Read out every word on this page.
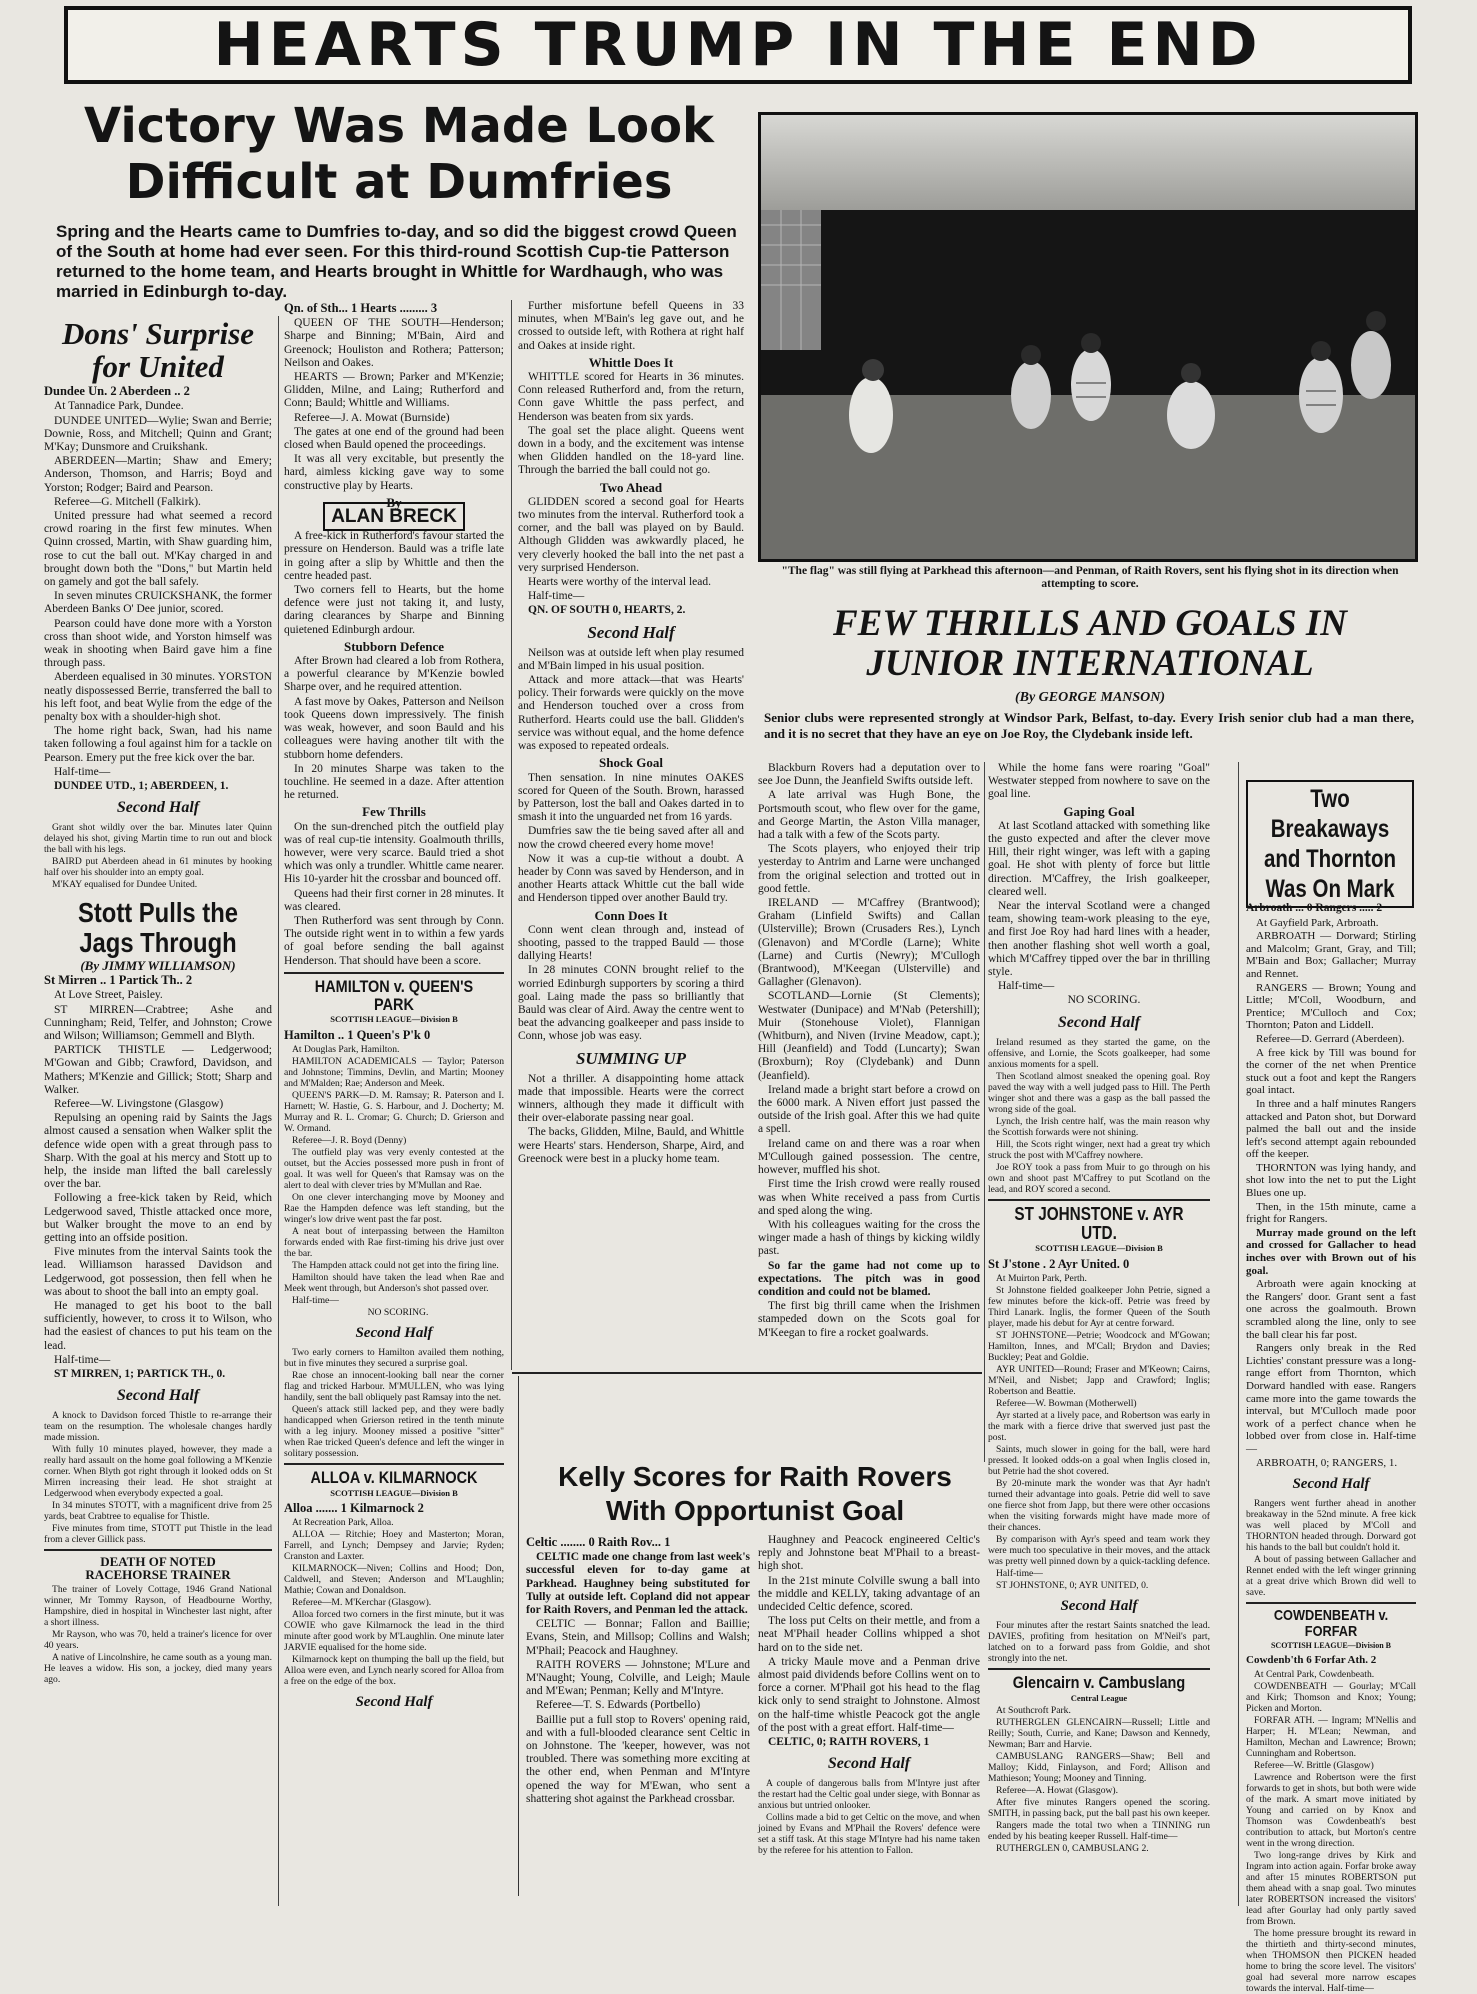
HEARTS TRUMP IN THE END
Victory Was Made Look
Difficult at Dumfries
Spring and the Hearts came to Dumfries to-day, and so did the biggest crowd Queen of the South at home had ever seen. For this third-round Scottish Cup-tie Patterson returned to the home team, and Hearts brought in Whittle for Wardhaugh, who was married in Edinburgh to-day.
Dons' Surprise
for United
Dundee Un. 2 Aberdeen .. 2

At Tannadice Park, Dundee.

DUNDEE UNITED—Wylie; Swan and Berrie; Downie, Ross, and Mitchell; Quinn and Grant; M'Kay; Dunsmore and Cruikshank.

ABERDEEN—Martin; Shaw and Emery; Anderson, Thomson, and Harris; Boyd and Yorston; Rodger; Baird and Pearson.

Referee—G. Mitchell (Falkirk).

United pressure had what seemed a record crowd roaring in the first few minutes. When Quinn crossed, Martin, with Shaw guarding him, rose to cut the ball out. M'Kay charged in and brought down both the "Dons," but Martin held on gamely and got the ball safely.

In seven minutes CRUICKSHANK, the former Aberdeen Banks O' Dee junior, scored.

Pearson could have done more with a Yorston cross than shoot wide, and Yorston himself was weak in shooting when Baird gave him a fine through pass.

Aberdeen equalised in 30 minutes. YORSTON neatly dispossessed Berrie, transferred the ball to his left foot, and beat Wylie from the edge of the penalty box with a shoulder-high shot.

The home right back, Swan, had his name taken following a foul against him for a tackle on Pearson. Emery put the free kick over the bar.

Half-time—

DUNDEE UTD., 1; ABERDEEN, 1.

Second Half

Grant shot wildly over the bar. Minutes later Quinn delayed his shot, giving Martin time to run out and block the ball with his legs.

BAIRD put Aberdeen ahead in 61 minutes by hooking half over his shoulder into an empty goal.

M'KAY equalised for Dundee United.

Stott Pulls the
Jags Through
(By JIMMY WILLIAMSON)
St Mirren .. 1 Partick Th.. 2

At Love Street, Paisley.

ST MIRREN—Crabtree; Ashe and Cunningham; Reid, Telfer, and Johnston; Crowe and Wilson; Williamson; Gemmell and Blyth.

PARTICK THISTLE — Ledgerwood; M'Gowan and Gibb; Crawford, Davidson, and Mathers; M'Kenzie and Gillick; Stott; Sharp and Walker.

Referee—W. Livingstone (Glasgow)

Repulsing an opening raid by Saints the Jags almost caused a sensation when Walker split the defence wide open with a great through pass to Sharp. With the goal at his mercy and Stott up to help, the inside man lifted the ball carelessly over the bar.

Following a free-kick taken by Reid, which Ledgerwood saved, Thistle attacked once more, but Walker brought the move to an end by getting into an offside position.

Five minutes from the interval Saints took the lead. Williamson harassed Davidson and Ledgerwood, got possession, then fell when he was about to shoot the ball into an empty goal.

He managed to get his boot to the ball sufficiently, however, to cross it to Wilson, who had the easiest of chances to put his team on the lead.

Half-time—

ST MIRREN, 1; PARTICK TH., 0.

Second Half

A knock to Davidson forced Thistle to re-arrange their team on the resumption. The wholesale changes hardly made mission.

With fully 10 minutes played, however, they made a really hard assault on the home goal following a M'Kenzie corner. When Blyth got right through it looked odds on St Mirren increasing their lead. He shot straight at Ledgerwood when everybody expected a goal.

In 34 minutes STOTT, with a magnificent drive from 25 yards, beat Crabtree to equalise for Thistle.

Five minutes from time, STOTT put Thistle in the lead from a clever Gillick pass.

DEATH OF NOTED
RACEHORSE TRAINER

The trainer of Lovely Cottage, 1946 Grand National winner, Mr Tommy Rayson, of Headbourne Worthy, Hampshire, died in hospital in Winchester last night, after a short illness.

Mr Rayson, who was 70, held a trainer's licence for over 40 years.

A native of Lincolnshire, he came south as a young man. He leaves a widow. His son, a jockey, died many years ago.

Qn. of Sth... 1 Hearts ......... 3

QUEEN OF THE SOUTH—Henderson; Sharpe and Binning; M'Bain, Aird and Greenock; Houliston and Rothera; Patterson; Neilson and Oakes.

HEARTS — Brown; Parker and M'Kenzie; Glidden, Milne, and Laing; Rutherford and Conn; Bauld; Whittle and Williams.

Referee—J. A. Mowat (Burnside)

The gates at one end of the ground had been closed when Bauld opened the proceedings.

It was all very excitable, but presently the hard, aimless kicking gave way to some constructive play by Hearts.

By
ALAN BRECK

A free-kick in Rutherford's favour started the pressure on Henderson. Bauld was a trifle late in going after a slip by Whittle and then the centre headed past.

Two corners fell to Hearts, but the home defence were just not taking it, and lusty, daring clearances by Sharpe and Binning quietened Edinburgh ardour.

Stubborn Defence

After Brown had cleared a lob from Rothera, a powerful clearance by M'Kenzie bowled Sharpe over, and he required attention.

A fast move by Oakes, Patterson and Neilson took Queens down impressively. The finish was weak, however, and soon Bauld and his colleagues were having another tilt with the stubborn home defenders.

In 20 minutes Sharpe was taken to the touchline. He seemed in a daze. After attention he returned.

Few Thrills

On the sun-drenched pitch the outfield play was of real cup-tie intensity. Goalmouth thrills, however, were very scarce. Bauld tried a shot which was only a trundler. Whittle came nearer. His 10-yarder hit the crossbar and bounced off.

Queens had their first corner in 28 minutes. It was cleared.

Then Rutherford was sent through by Conn. The outside right went in to within a few yards of goal before sending the ball against Henderson. That should have been a score.

HAMILTON v. QUEEN'S PARK
SCOTTISH LEAGUE—Division B
Hamilton .. 1 Queen's P'k 0

At Douglas Park, Hamilton.

HAMILTON ACADEMICALS — Taylor; Paterson and Johnstone; Timmins, Devlin, and Martin; Mooney and M'Malden; Rae; Anderson and Meek.

QUEEN'S PARK—D. M. Ramsay; R. Paterson and I. Harnett; W. Hastie, G. S. Harbour, and J. Docherty; M. Murray and R. L. Cromar; G. Church; D. Grierson and W. Ormand.

Referee—J. R. Boyd (Denny)

The outfield play was very evenly contested at the outset, but the Accies possessed more push in front of goal. It was well for Queen's that Ramsay was on the alert to deal with clever tries by M'Mullan and Rae.

On one clever interchanging move by Mooney and Rae the Hampden defence was left standing, but the winger's low drive went past the far post.

A neat bout of interpassing between the Hamilton forwards ended with Rae first-timing his drive just over the bar.

The Hampden attack could not get into the firing line.

Hamilton should have taken the lead when Rae and Meek went through, but Anderson's shot passed over.

Half-time—

NO SCORING.

Second Half

Two early corners to Hamilton availed them nothing, but in five minutes they secured a surprise goal.

Rae chose an innocent-looking ball near the corner flag and tricked Harbour. M'MULLEN, who was lying handily, sent the ball obliquely past Ramsay into the net.

Queen's attack still lacked pep, and they were badly handicapped when Grierson retired in the tenth minute with a leg injury. Mooney missed a positive "sitter" when Rae tricked Queen's defence and left the winger in solitary possession.

ALLOA v. KILMARNOCK
SCOTTISH LEAGUE—Division B
Alloa ....... 1 Kilmarnock 2

At Recreation Park, Alloa.

ALLOA — Ritchie; Hoey and Masterton; Moran, Farrell, and Lynch; Dempsey and Jarvie; Ryden; Cranston and Laxter.

KILMARNOCK—Niven; Collins and Hood; Don, Caldwell, and Steven; Anderson and M'Laughlin; Mathie; Cowan and Donaldson.

Referee—M. M'Kerchar (Glasgow).

Alloa forced two corners in the first minute, but it was COWIE who gave Kilmarnock the lead in the third minute after good work by M'Laughlin. One minute later JARVIE equalised for the home side.

Kilmarnock kept on thumping the ball up the field, but Alloa were even, and Lynch nearly scored for Alloa from a free on the edge of the box.

Second Half

Further misfortune befell Queens in 33 minutes, when M'Bain's leg gave out, and he crossed to outside left, with Rothera at right half and Oakes at inside right.

Whittle Does It

WHITTLE scored for Hearts in 36 minutes. Conn released Rutherford and, from the return, Conn gave Whittle the pass perfect, and Henderson was beaten from six yards.

The goal set the place alight. Queens went down in a body, and the excitement was intense when Glidden handled on the 18-yard line. Through the barried the ball could not go.

Two Ahead

GLIDDEN scored a second goal for Hearts two minutes from the interval. Rutherford took a corner, and the ball was played on by Bauld. Although Glidden was awkwardly placed, he very cleverly hooked the ball into the net past a very surprised Henderson.

Hearts were worthy of the interval lead.

Half-time—

QN. OF SOUTH 0, HEARTS, 2.

Second Half

Neilson was at outside left when play resumed and M'Bain limped in his usual position.

Attack and more attack—that was Hearts' policy. Their forwards were quickly on the move and Henderson touched over a cross from Rutherford. Hearts could use the ball. Glidden's service was without equal, and the home defence was exposed to repeated ordeals.

Shock Goal

Then sensation. In nine minutes OAKES scored for Queen of the South. Brown, harassed by Patterson, lost the ball and Oakes darted in to smash it into the unguarded net from 16 yards.

Dumfries saw the tie being saved after all and now the crowd cheered every home move!

Now it was a cup-tie without a doubt. A header by Conn was saved by Henderson, and in another Hearts attack Whittle cut the ball wide and Henderson tipped over another Bauld try.

Conn Does It

Conn went clean through and, instead of shooting, passed to the trapped Bauld — those dallying Hearts!

In 28 minutes CONN brought relief to the worried Edinburgh supporters by scoring a third goal. Laing made the pass so brilliantly that Bauld was clear of Aird. Away the centre went to beat the advancing goalkeeper and pass inside to Conn, whose job was easy.

SUMMING UP

Not a thriller. A disappointing home attack made that impossible. Hearts were the correct winners, although they made it difficult with their over-elaborate passing near goal.

The backs, Glidden, Milne, Bauld, and Whittle were Hearts' stars. Henderson, Sharpe, Aird, and Greenock were best in a plucky home team.

"The flag" was still flying at Parkhead this afternoon—and Penman, of Raith Rovers, sent his flying shot in its direction when attempting to score.
FEW THRILLS AND GOALS IN
JUNIOR INTERNATIONAL
(By GEORGE MANSON)
Senior clubs were represented strongly at Windsor Park, Belfast, to-day. Every Irish senior club had a man there, and it is no secret that they have an eye on Joe Roy, the Clydebank inside left.

Blackburn Rovers had a deputation over to see Joe Dunn, the Jeanfield Swifts outside left.

A late arrival was Hugh Bone, the Portsmouth scout, who flew over for the game, and George Martin, the Aston Villa manager, had a talk with a few of the Scots party.

The Scots players, who enjoyed their trip yesterday to Antrim and Larne were unchanged from the original selection and trotted out in good fettle.

IRELAND — M'Caffrey (Brantwood); Graham (Linfield Swifts) and Callan (Ulsterville); Brown (Crusaders Res.), Lynch (Glenavon) and M'Cordle (Larne); White (Larne) and Curtis (Newry); M'Cullogh (Brantwood), M'Keegan (Ulsterville) and Gallagher (Glenavon).

SCOTLAND—Lornie (St Clements); Westwater (Dunipace) and M'Nab (Petershill); Muir (Stonehouse Violet), Flannigan (Whitburn), and Niven (Irvine Meadow, capt.); Hill (Jeanfield) and Todd (Luncarty); Swan (Broxburn); Roy (Clydebank) and Dunn (Jeanfield).

Ireland made a bright start before a crowd on the 6000 mark. A Niven effort just passed the outside of the Irish goal. After this we had quite a spell.

Ireland came on and there was a roar when M'Cullough gained possession. The centre, however, muffled his shot.

First time the Irish crowd were really roused was when White received a pass from Curtis and sped along the wing.

With his colleagues waiting for the cross the winger made a hash of things by kicking wildly past.

So far the game had not come up to expectations. The pitch was in good condition and could not be blamed.

The first big thrill came when the Irishmen stampeded down on the Scots goal for M'Keegan to fire a rocket goalwards.

While the home fans were roaring "Goal" Westwater stepped from nowhere to save on the goal line.

Gaping Goal

At last Scotland attacked with something like the gusto expected and after the clever move Hill, their right winger, was left with a gaping goal. He shot with plenty of force but little direction. M'Caffrey, the Irish goalkeeper, cleared well.

Near the interval Scotland were a changed team, showing team-work pleasing to the eye, and first Joe Roy had hard lines with a header, then another flashing shot well worth a goal, which M'Caffrey tipped over the bar in thrilling style.

Half-time—

NO SCORING.

Second Half

Ireland resumed as they started the game, on the offensive, and Lornie, the Scots goalkeeper, had some anxious moments for a spell.

Then Scotland almost sneaked the opening goal. Roy paved the way with a well judged pass to Hill. The Perth winger shot and there was a gasp as the ball passed the wrong side of the goal.

Lynch, the Irish centre half, was the main reason why the Scottish forwards were not shining.

Hill, the Scots right winger, next had a great try which struck the post with M'Caffrey nowhere.

Joe ROY took a pass from Muir to go through on his own and shoot past M'Caffrey to put Scotland on the lead, and ROY scored a second.

ST JOHNSTONE v. AYR UTD.
SCOTTISH LEAGUE—Division B
St J'stone . 2 Ayr United. 0

At Muirton Park, Perth.

St Johnstone fielded goalkeeper John Petrie, signed a few minutes before the kick-off. Petrie was freed by Third Lanark. Inglis, the former Queen of the South player, made his debut for Ayr at centre forward.

ST JOHNSTONE—Petrie; Woodcock and M'Gowan; Hamilton, Innes, and M'Call; Brydon and Davies; Buckley; Peat and Goldie.

AYR UNITED—Round; Fraser and M'Keown; Cairns, M'Neil, and Nisbet; Japp and Crawford; Inglis; Robertson and Beattie.

Referee—W. Bowman (Motherwell)

Ayr started at a lively pace, and Robertson was early in the mark with a fierce drive that swerved just past the post.

Saints, much slower in going for the ball, were hard pressed. It looked odds-on a goal when Inglis closed in, but Petrie had the shot covered.

By 20-minute mark the wonder was that Ayr hadn't turned their advantage into goals. Petrie did well to save one fierce shot from Japp, but there were other occasions when the visiting forwards might have made more of their chances.

By comparison with Ayr's speed and team work they were much too speculative in their moves, and the attack was pretty well pinned down by a quick-tackling defence.

Half-time—

ST JOHNSTONE, 0; AYR UNITED, 0.

Second Half

Four minutes after the restart Saints snatched the lead. DAVIES, profiting from hesitation on M'Neil's part, latched on to a forward pass from Goldie, and shot strongly into the net.

Glencairn v. Cambuslang
Central League

At Southcroft Park.

RUTHERGLEN GLENCAIRN—Russell; Little and Reilly; South, Currie, and Kane; Dawson and Kennedy, Newman; Barr and Harvie.

CAMBUSLANG RANGERS—Shaw; Bell and Malloy; Kidd, Finlayson, and Ford; Allison and Mathieson; Young; Mooney and Tinning.

Referee—A. Howat (Glasgow).

After five minutes Rangers opened the scoring. SMITH, in passing back, put the ball past his own keeper.

Rangers made the total two when a TINNING run ended by his beating keeper Russell. Half-time—

RUTHERGLEN 0, CAMBUSLANG 2.

Kelly Scores for Raith Rovers
With Opportunist Goal
Celtic ........ 0 Raith Rov... 1

CELTIC made one change from last week's successful eleven for to-day game at Parkhead. Haughney being substituted for Tully at outside left. Copland did not appear for Raith Rovers, and Penman led the attack.

CELTIC — Bonnar; Fallon and Baillie; Evans, Stein, and Millsop; Collins and Walsh; M'Phail; Peacock and Haughney.

RAITH ROVERS — Johnstone; M'Lure and M'Naught; Young, Colville, and Leigh; Maule and M'Ewan; Penman; Kelly and M'Intyre.

Referee—T. S. Edwards (Portbello)

Baillie put a full stop to Rovers' opening raid, and with a full-blooded clearance sent Celtic in on Johnstone. The 'keeper, however, was not troubled. There was something more exciting at the other end, when Penman and M'Intyre opened the way for M'Ewan, who sent a shattering shot against the Parkhead crossbar.

Haughney and Peacock engineered Celtic's reply and Johnstone beat M'Phail to a breast-high shot.

In the 21st minute Colville swung a ball into the middle and KELLY, taking advantage of an undecided Celtic defence, scored.

The loss put Celts on their mettle, and from a neat M'Phail header Collins whipped a shot hard on to the side net.

A tricky Maule move and a Penman drive almost paid dividends before Collins went on to force a corner. M'Phail got his head to the flag kick only to send straight to Johnstone. Almost on the half-time whistle Peacock got the angle of the post with a great effort. Half-time—

CELTIC, 0; RAITH ROVERS, 1

Second Half

A couple of dangerous balls from M'Intyre just after the restart had the Celtic goal under siege, with Bonnar as anxious but untried onlooker.

Collins made a bid to get Celtic on the move, and when joined by Evans and M'Phail the Rovers' defence were set a stiff task. At this stage M'Intyre had his name taken by the referee for his attention to Fallon.

Two Breakaways
and Thornton
Was On Mark
Arbroath ... 0 Rangers ..... 2

At Gayfield Park, Arbroath.

ARBROATH — Dorward; Stirling and Malcolm; Grant, Gray, and Till; M'Bain and Box; Gallacher; Murray and Rennet.

RANGERS — Brown; Young and Little; M'Coll, Woodburn, and Prentice; M'Culloch and Cox; Thornton; Paton and Liddell.

Referee—D. Gerrard (Aberdeen).

A free kick by Till was bound for the corner of the net when Prentice stuck out a foot and kept the Rangers goal intact.

In three and a half minutes Rangers attacked and Paton shot, but Dorward palmed the ball out and the inside left's second attempt again rebounded off the keeper.

THORNTON was lying handy, and shot low into the net to put the Light Blues one up.

Then, in the 15th minute, came a fright for Rangers.

Murray made ground on the left and crossed for Gallacher to head inches over with Brown out of his goal.

Arbroath were again knocking at the Rangers' door. Grant sent a fast one across the goalmouth. Brown scrambled along the line, only to see the ball clear his far post.

Rangers only break in the Red Lichties' constant pressure was a long-range effort from Thornton, which Dorward handled with ease. Rangers came more into the game towards the interval, but M'Culloch made poor work of a perfect chance when he lobbed over from close in. Half-time—

ARBROATH, 0; RANGERS, 1.

Second Half

Rangers went further ahead in another breakaway in the 52nd minute. A free kick was well placed by M'Coll and THORNTON headed through. Dorward got his hands to the ball but couldn't hold it.

A bout of passing between Gallacher and Rennet ended with the left winger grinning at a great drive which Brown did well to save.

COWDENBEATH v. FORFAR
SCOTTISH LEAGUE—Division B
Cowdenb'th 6 Forfar Ath. 2

At Central Park, Cowdenbeath.

COWDENBEATH — Gourlay; M'Call and Kirk; Thomson and Knox; Young; Picken and Morton.

FORFAR ATH. — Ingram; M'Nellis and Harper; H. M'Lean; Newman, and Hamilton, Mechan and Lawrence; Brown; Cunningham and Robertson.

Referee—W. Brittle (Glasgow)

Lawrence and Robertson were the first forwards to get in shots, but both were wide of the mark. A smart move initiated by Young and carried on by Knox and Thomson was Cowdenbeath's best contribution to attack, but Morton's centre went in the wrong direction.

Two long-range drives by Kirk and Ingram into action again. Forfar broke away and after 15 minutes ROBERTSON put them ahead with a snap goal. Two minutes later ROBERTSON increased the visitors' lead after Gourlay had only partly saved from Brown.

The home pressure brought its reward in the thirtieth and thirty-second minutes, when THOMSON then PICKEN headed home to bring the score level. The visitors' goal had several more narrow escapes towards the interval. Half-time—
